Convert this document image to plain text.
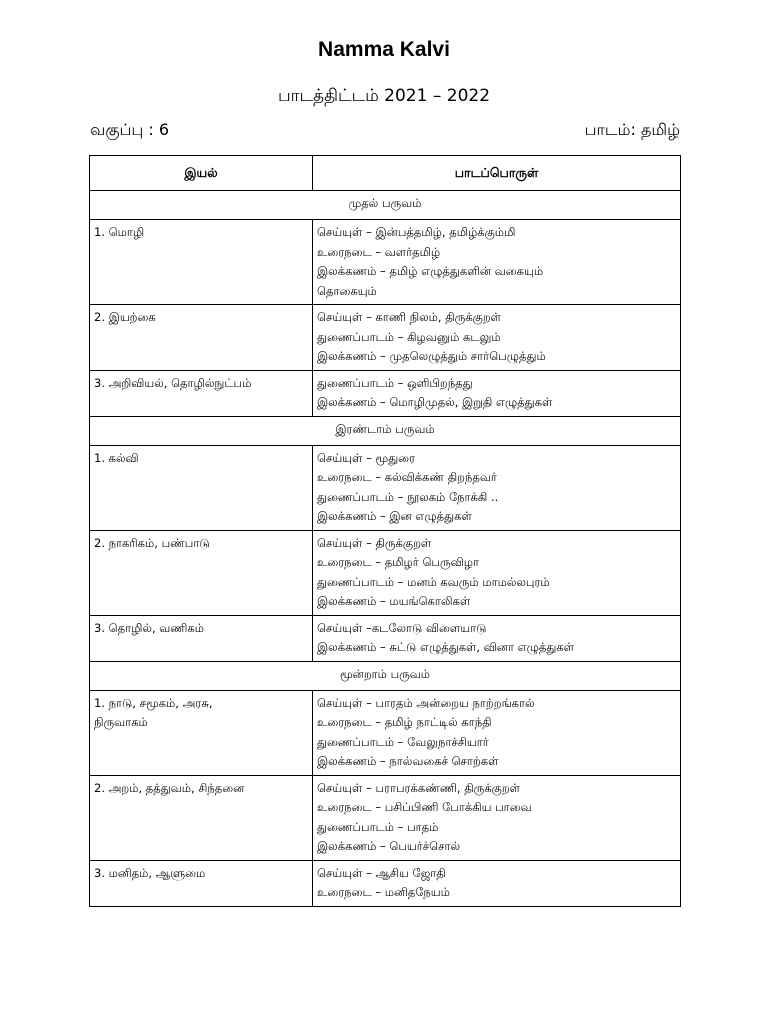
Namma Kalvi
பாடத்திட்டம் 2021 – 2022
வகுப்பு : 6	பாடம்: தமிழ்
இயல்	பாடப்பொருள்
முதல் பருவம்	

1. மொழி	செய்யுள் – இன்பத்தமிழ், தமிழ்க்கும்மி
உரைநடை – வளர்தமிழ்
இலக்கணம் – தமிழ் எழுத்துகளின் வகையும்
தொகையும்

2. இயற்கை	செய்யுள் – காணி நிலம், திருக்குறள்
துணைப்பாடம் – கிழவனும் கடலும்
இலக்கணம் – முதலெழுத்தும் சார்பெழுத்தும்

3. அறிவியல், தொழில்நுட்பம்	துணைப்பாடம் – ஒளிபிறந்தது
இலக்கணம் – மொழிமுதல், இறுதி எழுத்துகள்

இரண்டாம் பருவம்	

1. கல்வி	செய்யுள் – மூதுரை
உரைநடை – கல்விக்கண் திறந்தவர்
துணைப்பாடம் – நூலகம் நோக்கி ..
இலக்கணம் – இன எழுத்துகள்

2. நாகரிகம், பண்பாடு	செய்யுள் – திருக்குறள்
உரைநடை – தமிழர் பெருவிழா
துணைப்பாடம் – மனம் கவரும் மாமல்லபுரம்
இலக்கணம் – மயங்கொலிகள்

3. தொழில், வணிகம்	செய்யுள் –கடலோடு விளையாடு
இலக்கணம் – சுட்டு எழுத்துகள், வினா எழுத்துகள்

மூன்றாம் பருவம்	

1. நாடு, சமூகம், அரசு,
நிருவாகம்	செய்யுள் – பாரதம் அன்றைய நாற்றங்கால்
உரைநடை – தமிழ் நாட்டில் காந்தி
துணைப்பாடம் – வேலுநாச்சியார்
இலக்கணம் – நால்வகைச் சொற்கள்

2. அறம், தத்துவம், சிந்தனை	செய்யுள் – பராபரக்கண்ணி, திருக்குறள்
உரைநடை – பசிப்பிணி போக்கிய பாவை
துணைப்பாடம் – பாதம்
இலக்கணம் – பெயர்ச்சொல்

3. மனிதம், ஆளுமை	செய்யுள் – ஆசிய ஜோதி
உரைநடை – மனிதநேயம்
